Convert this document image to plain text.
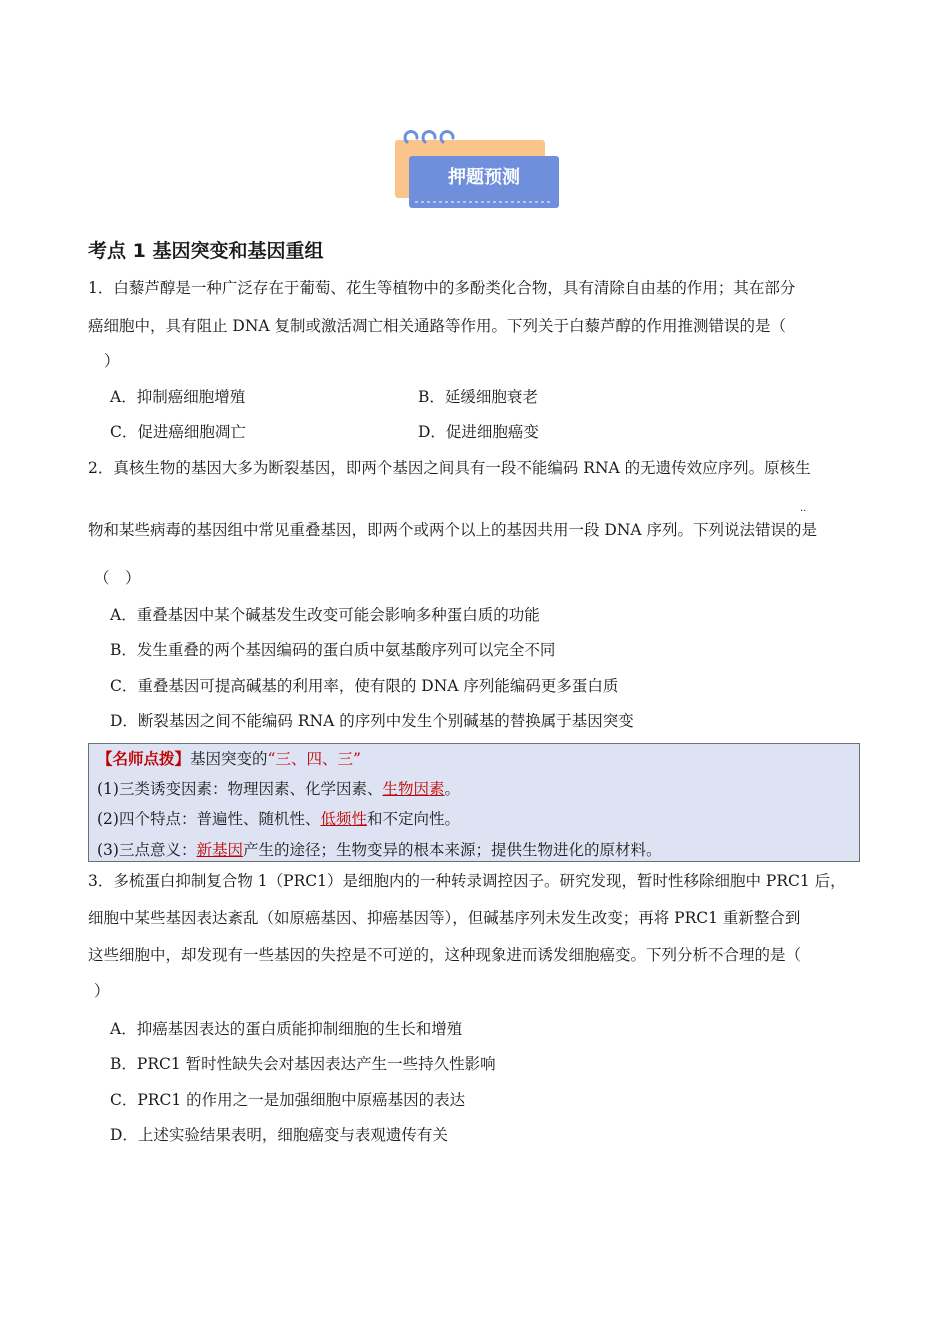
押题预测
考点 1 基因突变和基因重组
1．白藜芦醇是一种广泛存在于葡萄、花生等植物中的多酚类化合物，具有清除自由基的作用；其在部分
癌细胞中，具有阻止 DNA 复制或激活凋亡相关通路等作用。下列关于白藜芦醇的作用推测错误的是（
）
A．抑制癌细胞增殖	B．延缓细胞衰老
C．促进癌细胞凋亡	D．促进细胞癌变
2．真核生物的基因大多为断裂基因，即两个基因之间具有一段不能编码 RNA 的无遗传效应序列。原核生
··
物和某些病毒的基因组中常见重叠基因，即两个或两个以上的基因共用一段 DNA 序列。下列说法错误的是
（　）
A．重叠基因中某个碱基发生改变可能会影响多种蛋白质的功能
B．发生重叠的两个基因编码的蛋白质中氨基酸序列可以完全不同
C．重叠基因可提高碱基的利用率，使有限的 DNA 序列能编码更多蛋白质
D．断裂基因之间不能编码 RNA 的序列中发生个别碱基的替换属于基因突变
【名师点拨】基因突变的“三、四、三”
(1)三类诱变因素：物理因素、化学因素、生物因素。
(2)四个特点：普遍性、随机性、低频性和不定向性。
(3)三点意义：新基因产生的途径；生物变异的根本来源；提供生物进化的原材料。
3．多梳蛋白抑制复合物 1（PRC1）是细胞内的一种转录调控因子。研究发现，暂时性移除细胞中 PRC1 后，
细胞中某些基因表达紊乱（如原癌基因、抑癌基因等），但碱基序列未发生改变；再将 PRC1 重新整合到
这些细胞中，却发现有一些基因的失控是不可逆的，这种现象进而诱发细胞癌变。下列分析不合理的是（
）
A．抑癌基因表达的蛋白质能抑制细胞的生长和增殖
B．PRC1 暂时性缺失会对基因表达产生一些持久性影响
C．PRC1 的作用之一是加强细胞中原癌基因的表达
D．上述实验结果表明，细胞癌变与表观遗传有关
